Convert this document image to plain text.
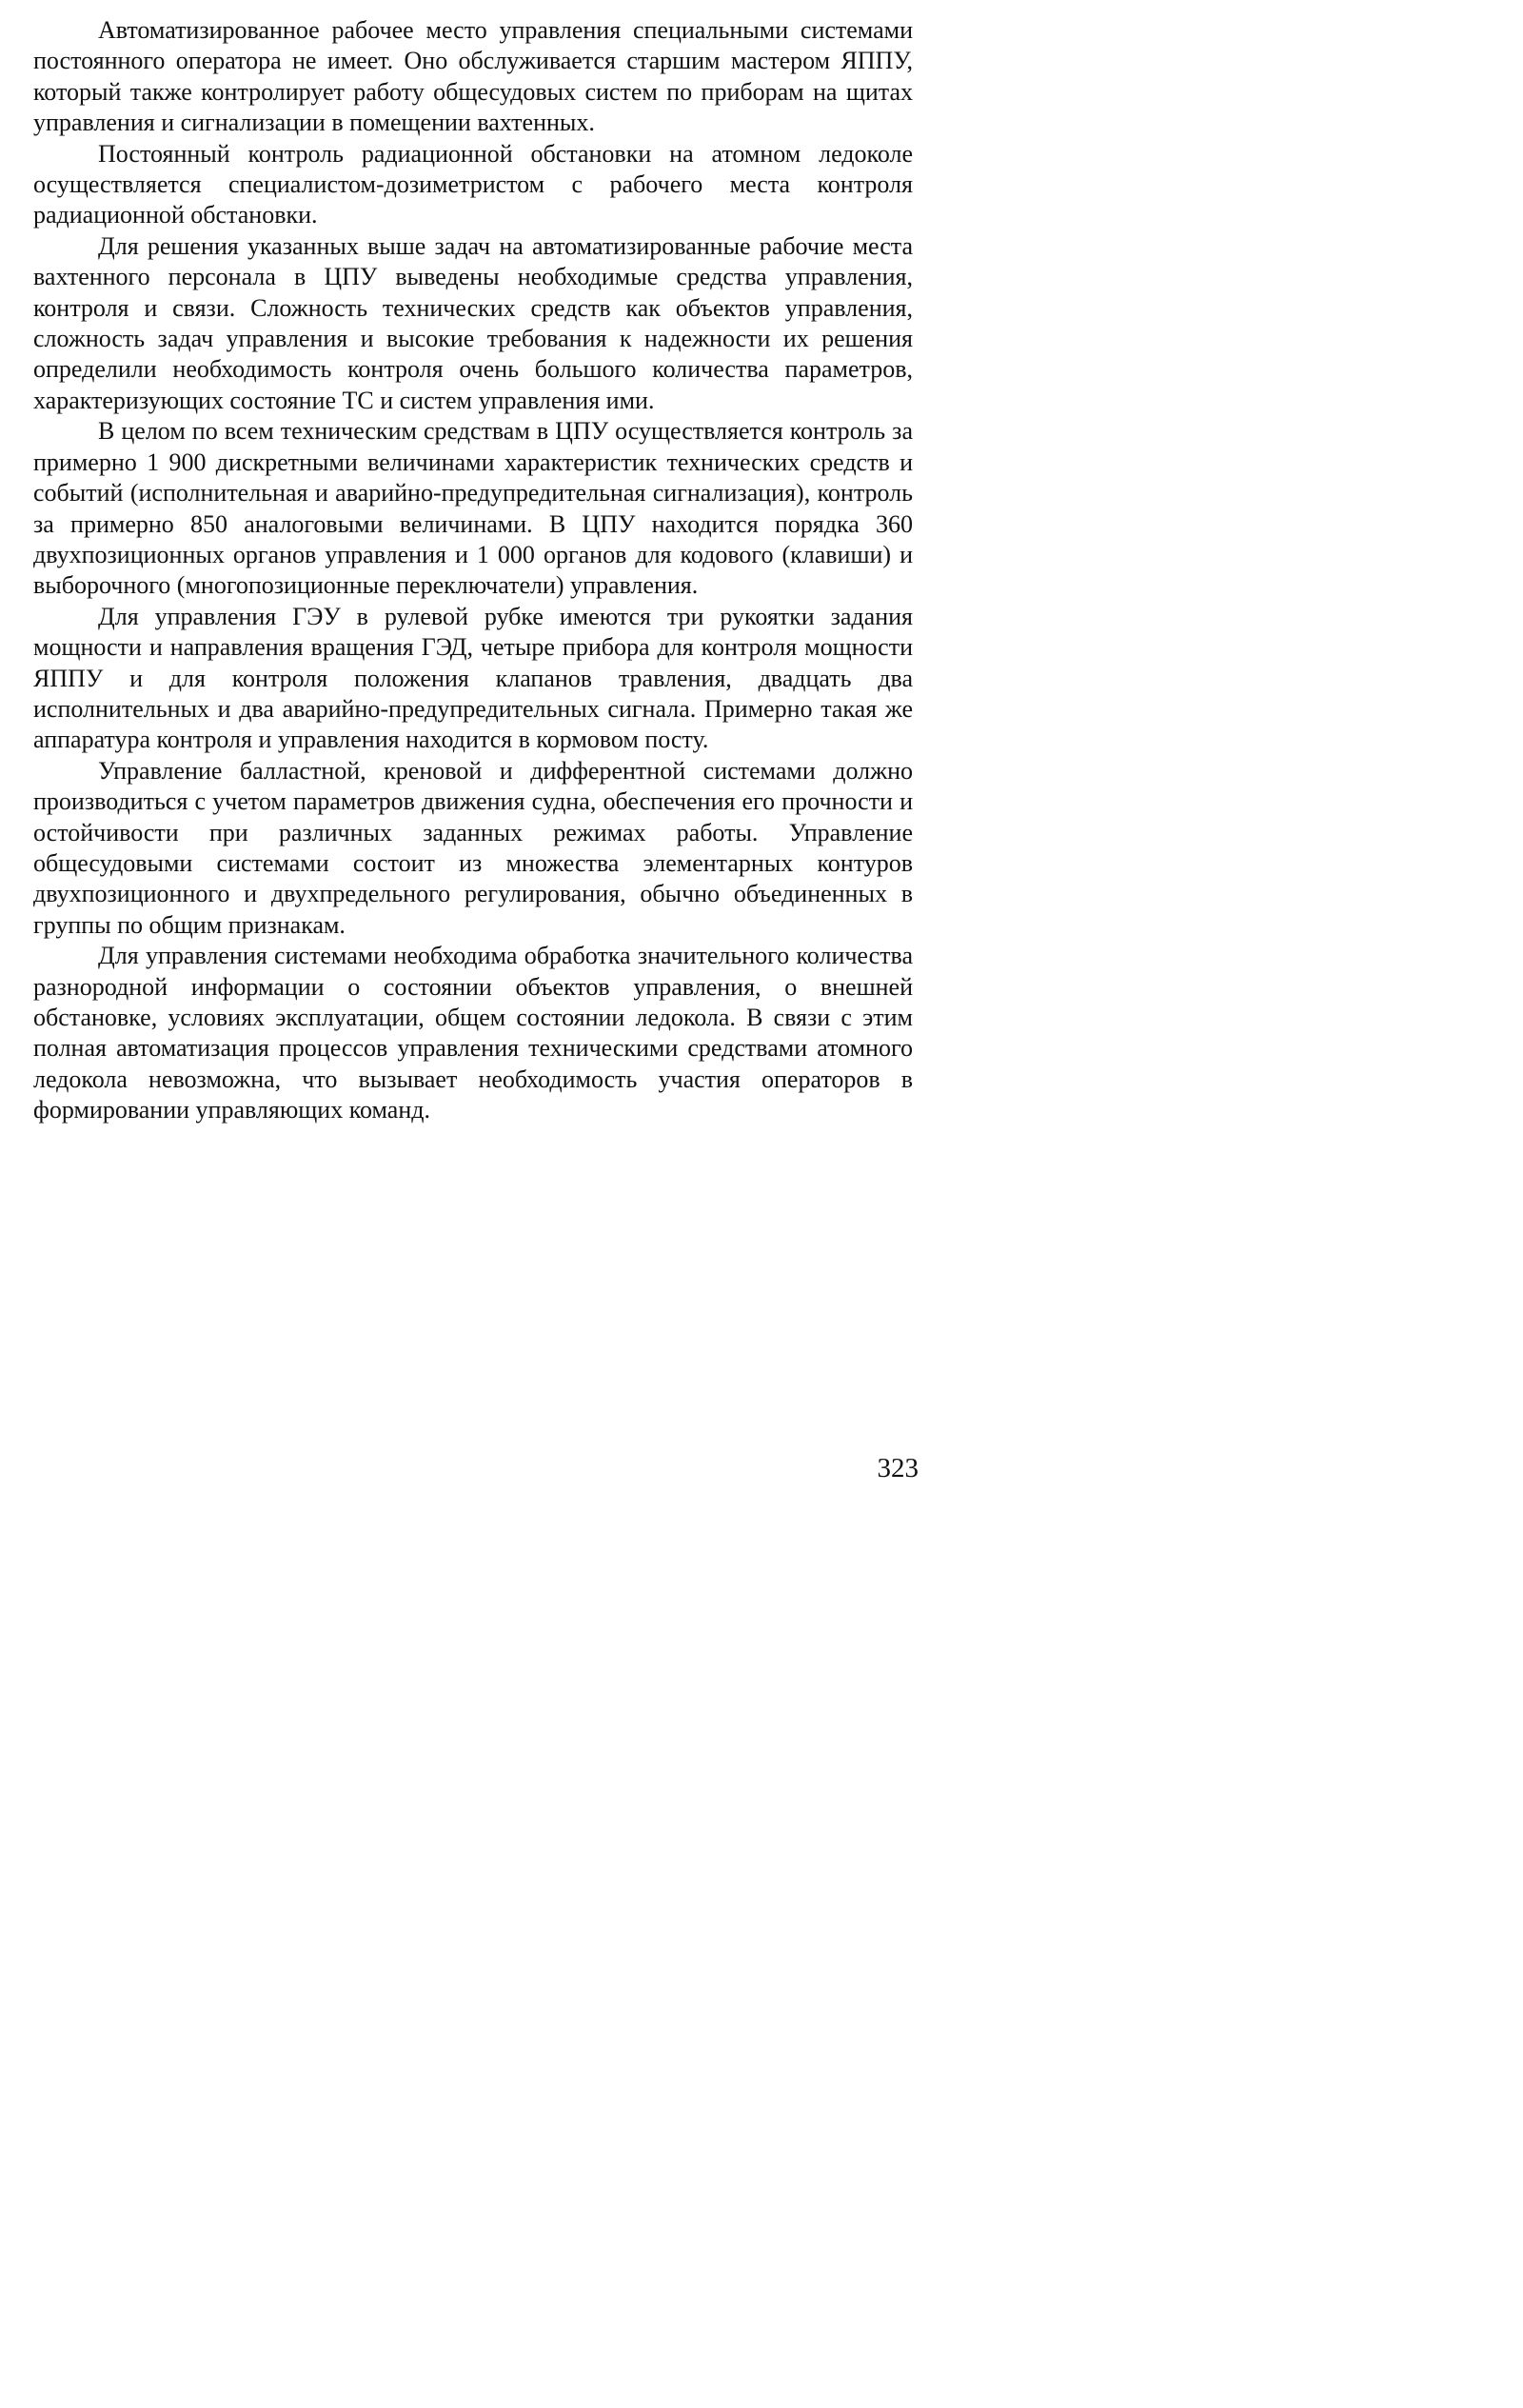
Автоматизированное рабочее место управления специальными системами постоянного оператора не имеет. Оно обслуживается старшим мастером ЯППУ, который также контролирует работу общесудовых систем по приборам на щитах управления и сигнализации в помещении вахтенных.

Постоянный контроль радиационной обстановки на атомном ледоколе осуществляется специалистом-дозиметристом с рабочего места контроля радиационной обстановки.

Для решения указанных выше задач на автоматизированные рабочие места вахтенного персонала в ЦПУ выведены необходимые средства управления, контроля и связи. Сложность технических средств как объектов управления, сложность задач управления и высокие требования к надежности их решения определили необходимость контроля очень большого количества параметров, характеризующих состояние ТС и систем управления ими.

В целом по всем техническим средствам в ЦПУ осуществляется контроль за примерно 1 900 дискретными величинами характеристик технических средств и событий (исполнительная и аварийно-предупредительная сигнализация), контроль за примерно 850 аналоговыми величинами. В ЦПУ находится порядка 360 двухпозиционных органов управления и 1 000 органов для кодового (клавиши) и выборочного (многопозиционные переключатели) управления.

Для управления ГЭУ в рулевой рубке имеются три рукоятки задания мощности и направления вращения ГЭД, четыре прибора для контроля мощности ЯППУ и для контроля положения клапанов травления, двадцать два исполнительных и два аварийно-предупредительных сигнала. Примерно такая же аппаратура контроля и управления находится в кормовом посту.

Управление балластной, креновой и дифферентной системами должно производиться с учетом параметров движения судна, обеспечения его прочности и остойчивости при различных заданных режимах работы. Управление общесудовыми системами состоит из множества элементарных контуров двухпозиционного и двухпредельного регулирования, обычно объединенных в группы по общим признакам.

Для управления системами необходима обработка значительного количества разнородной информации о состоянии объектов управления, о внешней обстановке, условиях эксплуатации, общем состоянии ледокола. В связи с этим полная автоматизация процессов управления техническими средствами атомного ледокола невозможна, что вызывает необходимость участия операторов в формировании управляющих команд.

323
